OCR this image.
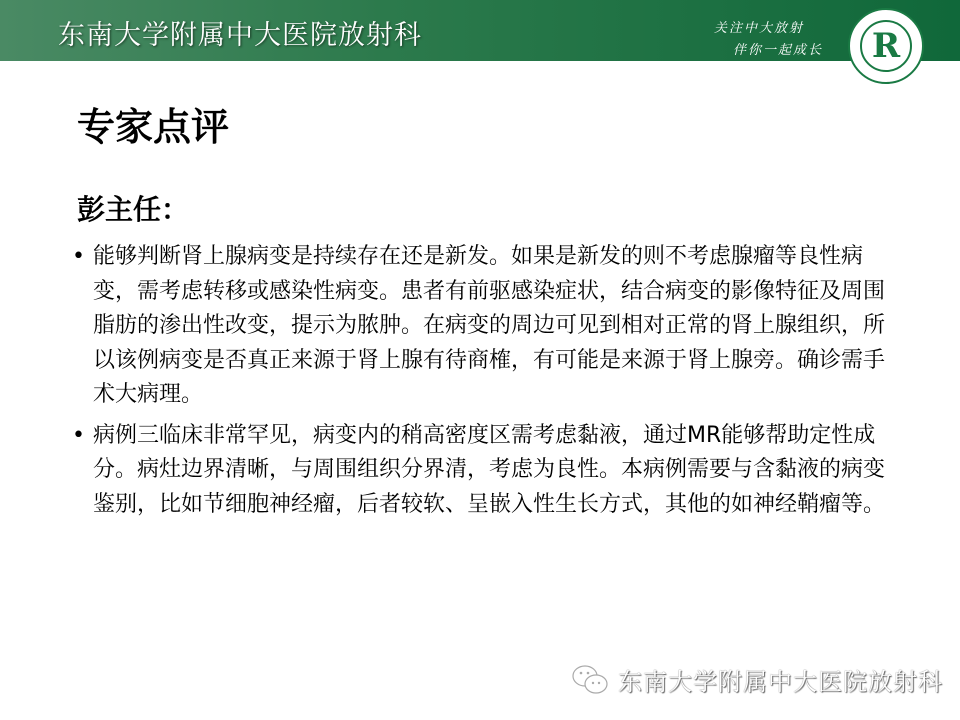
东南大学附属中大医院放射科	关注中大放射
伴你一起成长	R
专家点评
彭主任：
• 能够判断肾上腺病变是持续存在还是新发。如果是新发的则不考虑腺瘤等良性病变，需考虑转移或感染性病变。患者有前驱感染症状，结合病变的影像特征及周围脂肪的渗出性改变，提示为脓肿。在病变的周边可见到相对正常的肾上腺组织，所以该例病变是否真正来源于肾上腺有待商榷，有可能是来源于肾上腺旁。确诊需手术大病理。
• 病例三临床非常罕见，病变内的稍高密度区需考虑黏液，通过MR能够帮助定性成分。病灶边界清晰，与周围组织分界清，考虑为良性。本病例需要与含黏液的病变鉴别，比如节细胞神经瘤，后者较软、呈嵌入性生长方式，其他的如神经鞘瘤等。
东南大学附属中大医院放射科
